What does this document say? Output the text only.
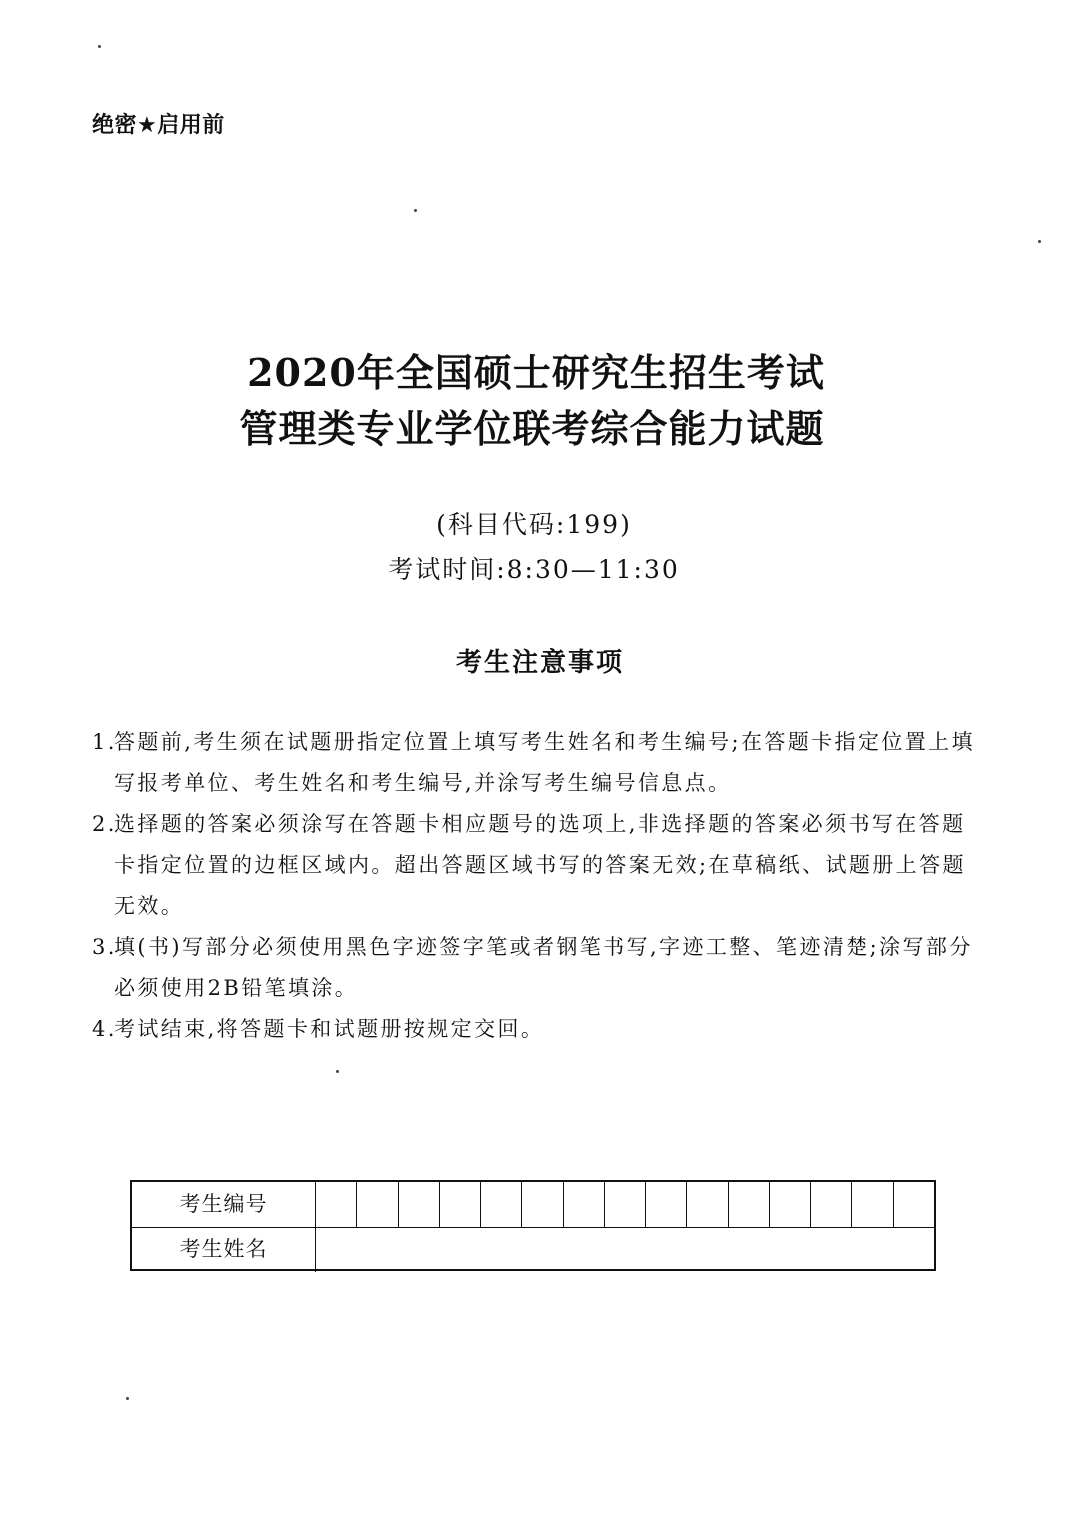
绝密★启用前
2020年全国硕士研究生招生考试
管理类专业学位联考综合能力试题
(科目代码:199)
考试时间:8:30—11:30
考生注意事项
1.
答题前,考生须在试题册指定位置上填写考生姓名和考生编号;在答题卡指定位置上填写报考单位、考生姓名和考生编号,并涂写考生编号信息点。
2.
选择题的答案必须涂写在答题卡相应题号的选项上,非选择题的答案必须书写在答题卡指定位置的边框区域内。超出答题区域书写的答案无效;在草稿纸、试题册上答题无效。
3.
填(书)写部分必须使用黑色字迹签字笔或者钢笔书写,字迹工整、笔迹清楚;涂写部分必须使用2B铅笔填涂。
4.
考试结束,将答题卡和试题册按规定交回。
考生编号
考生姓名
